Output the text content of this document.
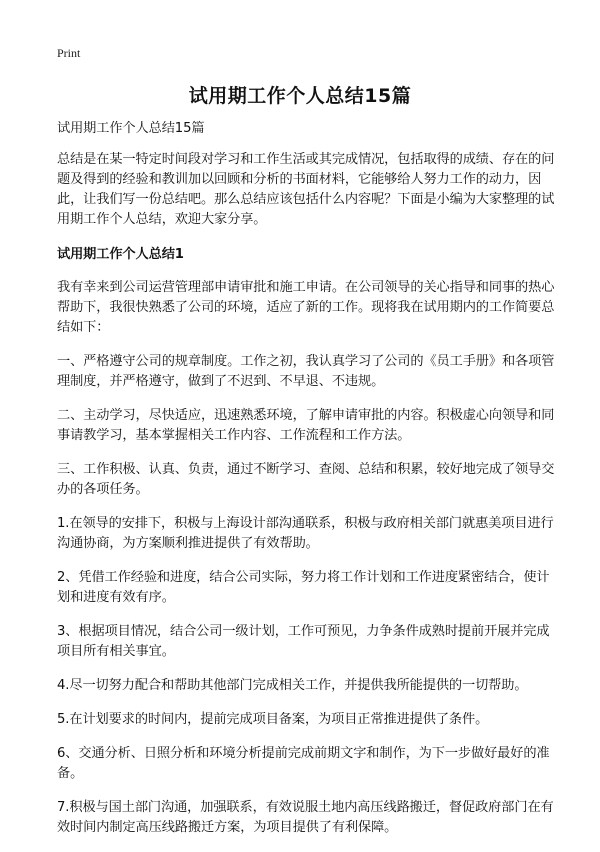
Print
试用期工作个人总结15篇

试用期工作个人总结15篇

总结是在某一特定时间段对学习和工作生活或其完成情况，包括取得的成绩、存在的问题及得到的经验和教训加以回顾和分析的书面材料，它能够给人努力工作的动力，因此，让我们写一份总结吧。那么总结应该包括什么内容呢？下面是小编为大家整理的试用期工作个人总结，欢迎大家分享。

试用期工作个人总结1

我有幸来到公司运营管理部申请审批和施工申请。在公司领导的关心指导和同事的热心帮助下，我很快熟悉了公司的环境，适应了新的工作。现将我在试用期内的工作简要总结如下：

一、严格遵守公司的规章制度。工作之初，我认真学习了公司的《员工手册》和各项管理制度，并严格遵守，做到了不迟到、不早退、不违规。

二、主动学习，尽快适应，迅速熟悉环境，了解申请审批的内容。积极虚心向领导和同事请教学习，基本掌握相关工作内容、工作流程和工作方法。

三、工作积极、认真、负责，通过不断学习、查阅、总结和积累，较好地完成了领导交办的各项任务。

1.在领导的安排下，积极与上海设计部沟通联系，积极与政府相关部门就惠美项目进行沟通协商，为方案顺利推进提供了有效帮助。

2、凭借工作经验和进度，结合公司实际，努力将工作计划和工作进度紧密结合，使计划和进度有效有序。

3、根据项目情况，结合公司一级计划，工作可预见，力争条件成熟时提前开展并完成项目所有相关事宜。

4.尽一切努力配合和帮助其他部门完成相关工作，并提供我所能提供的一切帮助。

5.在计划要求的时间内，提前完成项目备案，为项目正常推进提供了条件。

6、交通分析、日照分析和环境分析提前完成前期文字和制作，为下一步做好最好的准备。

7.积极与国土部门沟通，加强联系，有效说服土地内高压线路搬迁，督促政府部门在有效时间内制定高压线路搬迁方案，为项目提供了有利保障。
